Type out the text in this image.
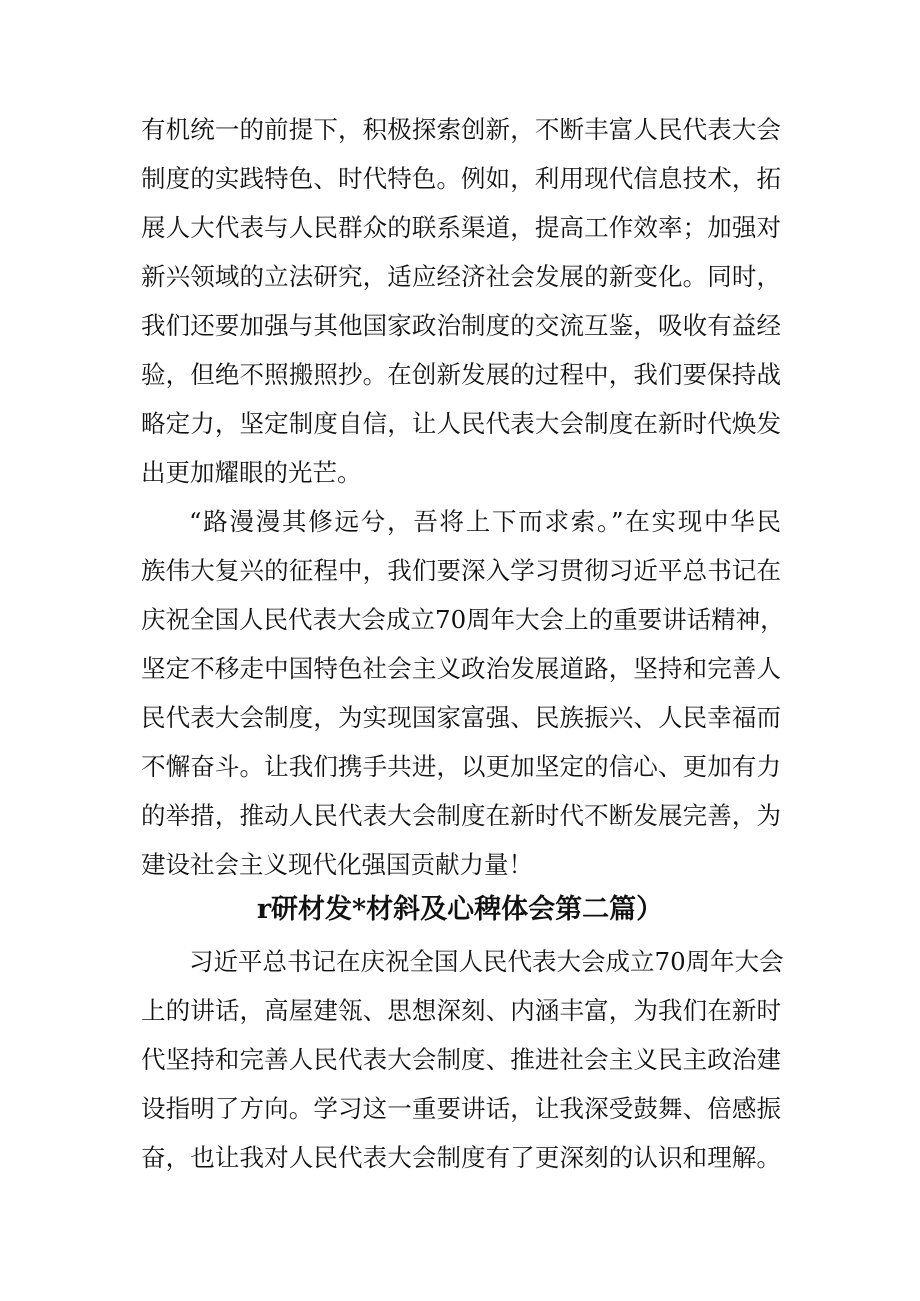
有机统一的前提下，积极探索创新，不断丰富人民代表大会
制度的实践特色、时代特色。例如，利用现代信息技术，拓
展人大代表与人民群众的联系渠道，提高工作效率；加强对
新兴领域的立法研究，适应经济社会发展的新变化。同时，
我们还要加强与其他国家政治制度的交流互鉴，吸收有益经
验，但绝不照搬照抄。在创新发展的过程中，我们要保持战
略定力，坚定制度自信，让人民代表大会制度在新时代焕发
出更加耀眼的光芒。
“路漫漫其修远兮，吾将上下而求索。”在实现中华民
族伟大复兴的征程中，我们要深入学习贯彻习近平总书记在
庆祝全国人民代表大会成立70周年大会上的重要讲话精神，
坚定不移走中国特色社会主义政治发展道路，坚持和完善人
民代表大会制度，为实现国家富强、民族振兴、人民幸福而
不懈奋斗。让我们携手共进，以更加坚定的信心、更加有力
的举措，推动人民代表大会制度在新时代不断发展完善，为
建设社会主义现代化强国贡献力量！
r研材发*材斜及心稗体会第二篇）
习近平总书记在庆祝全国人民代表大会成立70周年大会
上的讲话，高屋建瓴、思想深刻、内涵丰富，为我们在新时
代坚持和完善人民代表大会制度、推进社会主义民主政治建
设指明了方向。学习这一重要讲话，让我深受鼓舞、倍感振
奋，也让我对人民代表大会制度有了更深刻的认识和理解。
